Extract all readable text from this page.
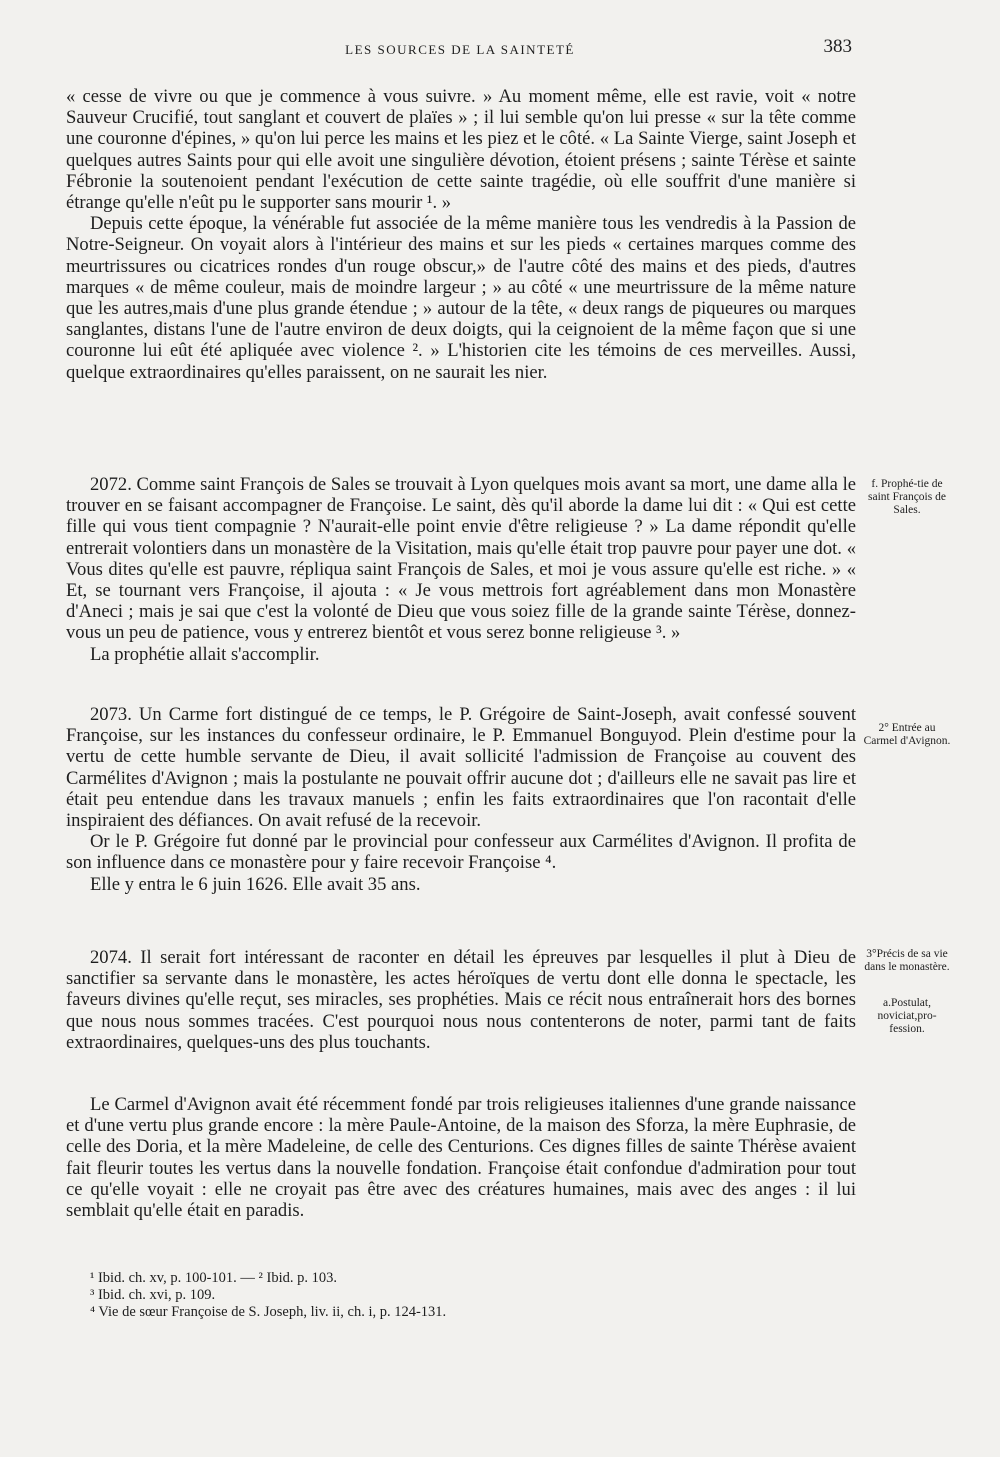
LES SOURCES DE LA SAINTETÉ	383

« cesse de vivre ou que je commence à vous suivre. » Au moment même, elle est ravie, voit « notre Sauveur Crucifié, tout sanglant et couvert de plaïes » ; il lui semble qu'on lui presse « sur la tête comme une couronne d'épines, » qu'on lui perce les mains et les piez et le côté. « La Sainte Vierge, saint Joseph et quelques autres Saints pour qui elle avoit une singulière dévotion, étoient présens ; sainte Térèse et sainte Fébronie la soutenoient pendant l'exécution de cette sainte tragédie, où elle souffrit d'une manière si étrange qu'elle n'eût pu le supporter sans mourir ¹. »

Depuis cette époque, la vénérable fut associée de la même manière tous les vendredis à la Passion de Notre-Seigneur. On voyait alors à l'intérieur des mains et sur les pieds « certaines marques comme des meurtrissures ou cicatrices rondes d'un rouge obscur,» de l'autre côté des mains et des pieds, d'autres marques « de même couleur, mais de moindre largeur ; » au côté « une meurtrissure de la même nature que les autres,mais d'une plus grande étendue ; » autour de la tête, « deux rangs de piqueures ou marques sanglantes, distans l'une de l'autre environ de deux doigts, qui la ceignoient de la même façon que si une couronne lui eût été apliquée avec violence ². » L'historien cite les témoins de ces merveilles. Aussi, quelque extraordinaires qu'elles paraissent, on ne saurait les nier.

2072. Comme saint François de Sales se trouvait à Lyon quelques mois avant sa mort, une dame alla le trouver en se faisant accompagner de Françoise. Le saint, dès qu'il aborde la dame lui dit : « Qui est cette fille qui vous tient compagnie ? N'aurait-elle point envie d'être religieuse ? » La dame répondit qu'elle entrerait volontiers dans un monastère de la Visitation, mais qu'elle était trop pauvre pour payer une dot. « Vous dites qu'elle est pauvre, répliqua saint François de Sales, et moi je vous assure qu'elle est riche. » « Et, se tournant vers Françoise, il ajouta : « Je vous mettrois fort agréablement dans mon Monastère d'Aneci ; mais je sai que c'est la volonté de Dieu que vous soiez fille de la grande sainte Térèse, donnez-vous un peu de patience, vous y entrerez bientôt et vous serez bonne religieuse ³. »

La prophétie allait s'accomplir.

2073. Un Carme fort distingué de ce temps, le P. Grégoire de Saint-Joseph, avait confessé souvent Françoise, sur les instances du confesseur ordinaire, le P. Emmanuel Bonguyod. Plein d'estime pour la vertu de cette humble servante de Dieu, il avait sollicité l'admission de Françoise au couvent des Carmélites d'Avignon ; mais la postulante ne pouvait offrir aucune dot ; d'ailleurs elle ne savait pas lire et était peu entendue dans les travaux manuels ; enfin les faits extraordinaires que l'on racontait d'elle inspiraient des défiances. On avait refusé de la recevoir.

Or le P. Grégoire fut donné par le provincial pour confesseur aux Carmélites d'Avignon. Il profita de son influence dans ce monastère pour y faire recevoir Françoise ⁴.

Elle y entra le 6 juin 1626. Elle avait 35 ans.

2074. Il serait fort intéressant de raconter en détail les épreuves par lesquelles il plut à Dieu de sanctifier sa servante dans le monastère, les actes héroïques de vertu dont elle donna le spectacle, les faveurs divines qu'elle reçut, ses miracles, ses prophéties. Mais ce récit nous entraînerait hors des bornes que nous nous sommes tracées. C'est pourquoi nous nous contenterons de noter, parmi tant de faits extraordinaires, quelques-uns des plus touchants.

Le Carmel d'Avignon avait été récemment fondé par trois religieuses italiennes d'une grande naissance et d'une vertu plus grande encore : la mère Paule-Antoine, de la maison des Sforza, la mère Euphrasie, de celle des Doria, et la mère Madeleine, de celle des Centurions. Ces dignes filles de sainte Thérèse avaient fait fleurir toutes les vertus dans la nouvelle fondation. Françoise était confondue d'admiration pour tout ce qu'elle voyait : elle ne croyait pas être avec des créatures humaines, mais avec des anges : il lui semblait qu'elle était en paradis.

f. Prophé-tie de saint François de Sales.
2° Entrée au Carmel d'Avignon.
3°Précis de sa vie dans le monastère.
a.Postulat, noviciat,pro-fession.
¹ Ibid. ch. xv, p. 100-101. — ² Ibid. p. 103.
³ Ibid. ch. xvi, p. 109.
⁴ Vie de sœur Françoise de S. Joseph, liv. ii, ch. i, p. 124-131.
